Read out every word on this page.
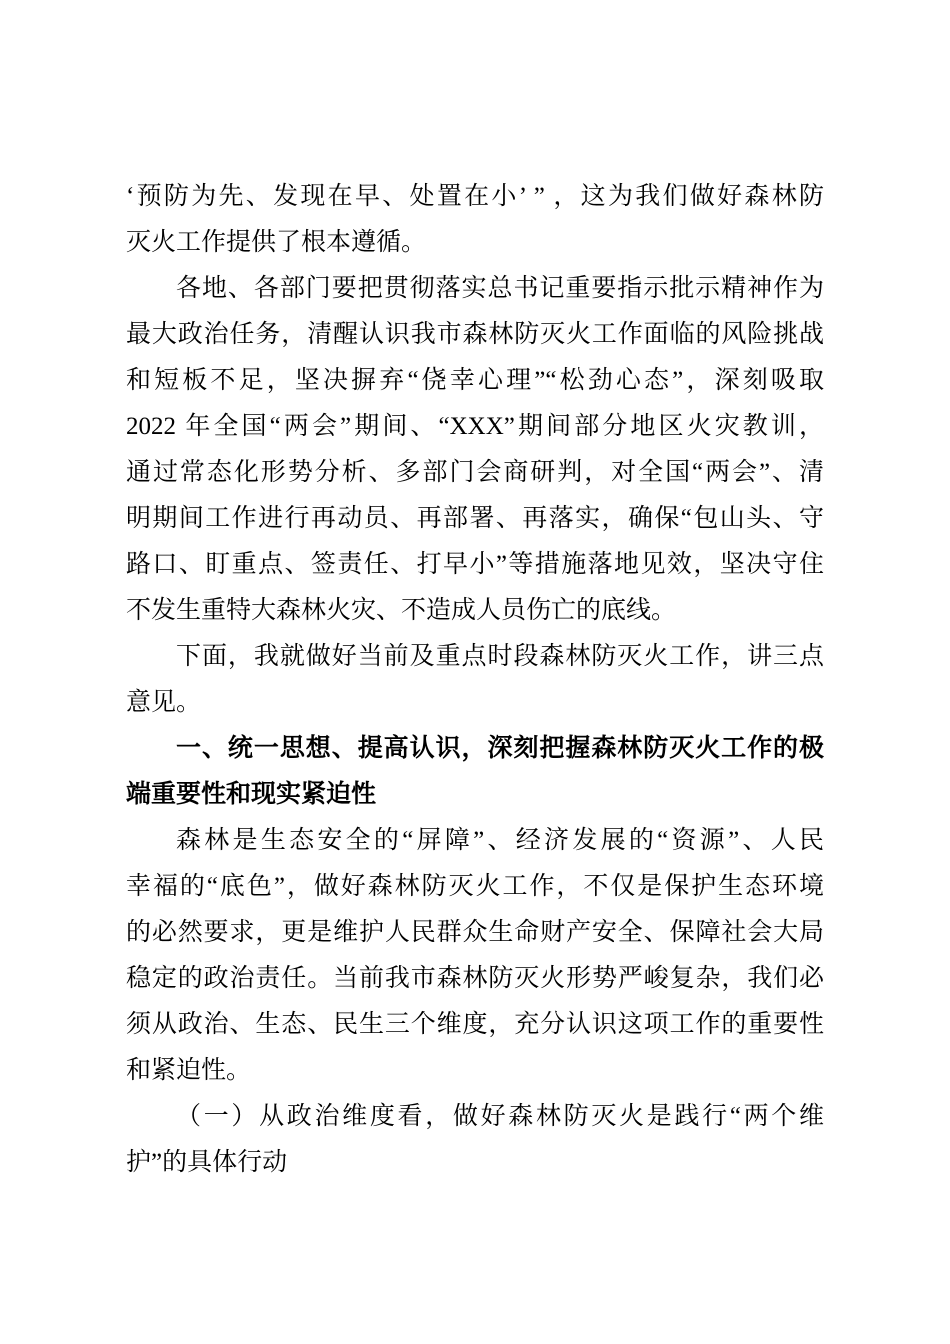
‘预防为先、发现在早、处置在小’ ” ，这为我们做好森林防
灭火工作提供了根本遵循。
各地、各部门要把贯彻落实总书记重要指示批示精神作为
最大政治任务，清醒认识我市森林防灭火工作面临的风险挑战
和短板不足，坚决摒弃“侥幸心理”“松劲心态”，深刻吸取
2022 年全国“两会”期间、“XXX”期间部分地区火灾教训，
通过常态化形势分析、多部门会商研判，对全国“两会”、清
明期间工作进行再动员、再部署、再落实，确保“包山头、守
路口、盯重点、签责任、打早小”等措施落地见效，坚决守住
不发生重特大森林火灾、不造成人员伤亡的底线。
下面，我就做好当前及重点时段森林防灭火工作，讲三点
意见。
一、统一思想、提高认识，深刻把握森林防灭火工作的极
端重要性和现实紧迫性
森林是生态安全的“屏障”、经济发展的“资源”、人民
幸福的“底色”，做好森林防灭火工作，不仅是保护生态环境
的必然要求，更是维护人民群众生命财产安全、保障社会大局
稳定的政治责任。当前我市森林防灭火形势严峻复杂，我们必
须从政治、生态、民生三个维度，充分认识这项工作的重要性
和紧迫性。
（一）从政治维度看，做好森林防灭火是践行“两个维
护”的具体行动
